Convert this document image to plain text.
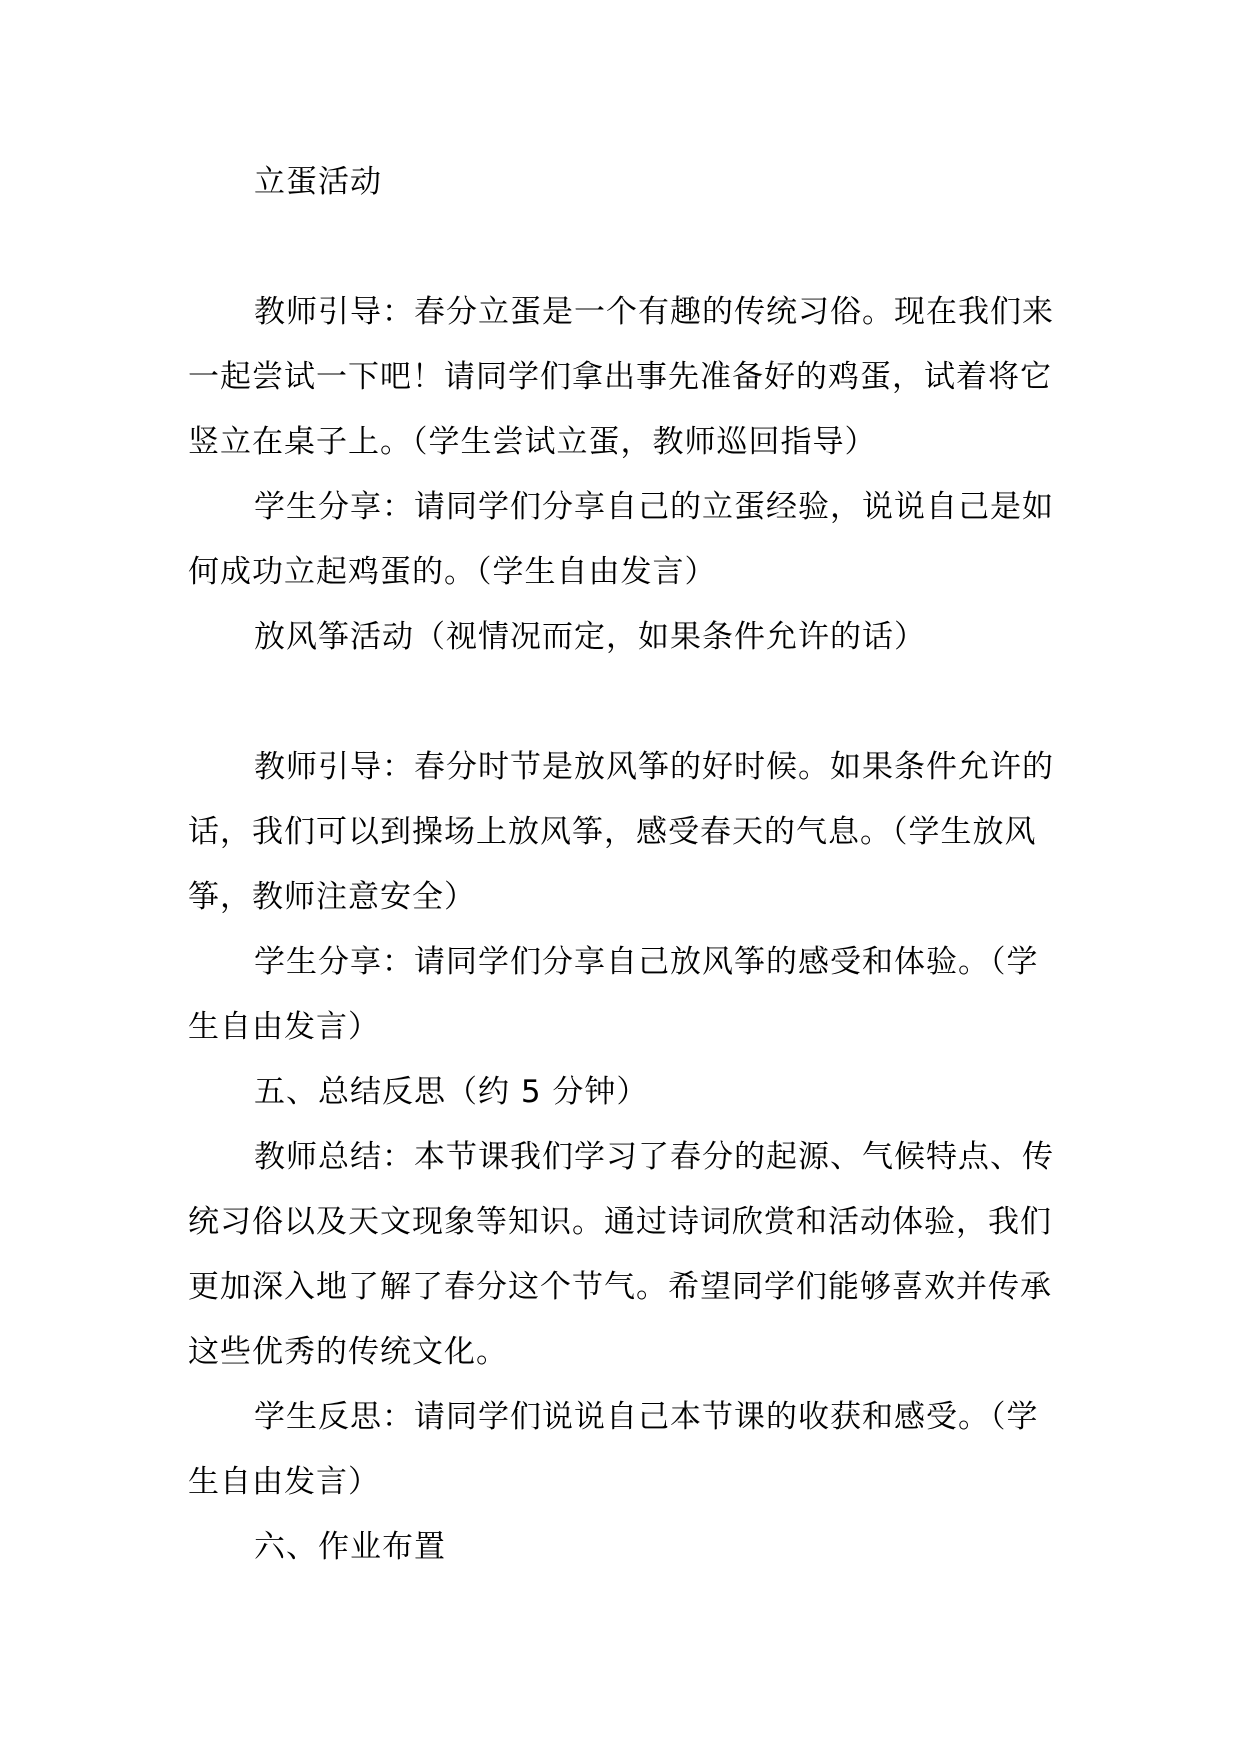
立蛋活动

教师引导：春分立蛋是一个有趣的传统习俗。现在我们来一起尝试一下吧！请同学们拿出事先准备好的鸡蛋，试着将它竖立在桌子上。（学生尝试立蛋，教师巡回指导）

学生分享：请同学们分享自己的立蛋经验，说说自己是如何成功立起鸡蛋的。（学生自由发言）

放风筝活动（视情况而定，如果条件允许的话）

教师引导：春分时节是放风筝的好时候。如果条件允许的话，我们可以到操场上放风筝，感受春天的气息。（学生放风筝，教师注意安全）

学生分享：请同学们分享自己放风筝的感受和体验。（学生自由发言）

五、总结反思（约 5 分钟）

教师总结：本节课我们学习了春分的起源、气候特点、传统习俗以及天文现象等知识。通过诗词欣赏和活动体验，我们更加深入地了解了春分这个节气。希望同学们能够喜欢并传承这些优秀的传统文化。

学生反思：请同学们说说自己本节课的收获和感受。（学生自由发言）

六、作业布置
